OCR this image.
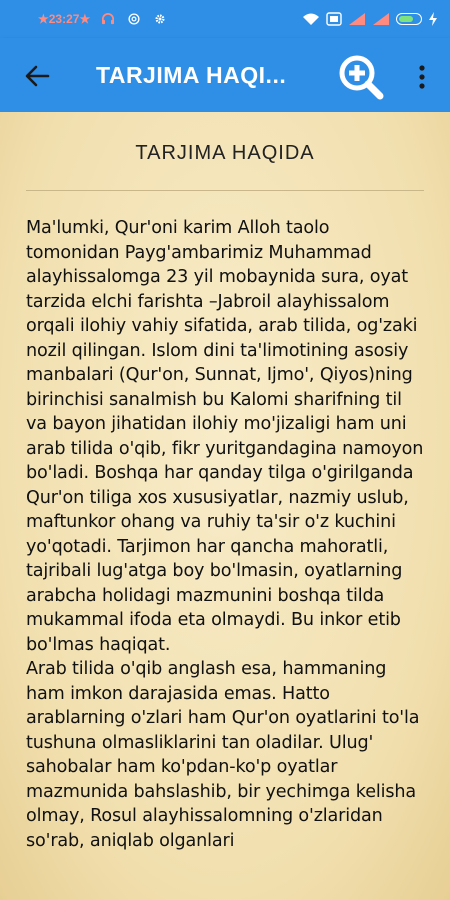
★23:27★
TARJIMA HAQI...
TARJIMA HAQIDA
Ma'lumki, Qur'oni karim Alloh taolo tomonidan Payg'ambarimiz Muhammad alayhissalomga 23 yil mobaynida sura, oyat tarzida elchi farishta –Jabroil alayhissalom orqali ilohiy vahiy sifatida, arab tilida, og'zaki nozil qilingan. Islom dini ta'limotining asosiy manbalari (Qur'on, Sunnat, Ijmo', Qiyos)ning birinchisi sanalmish bu Kalomi sharifning til va bayon jihatidan ilohiy mo'jizaligi ham uni arab tilida o'qib, fikr yuritgandagina namoyon bo'ladi. Boshqa har qanday tilga o'girilganda Qur'on tiliga xos xususiyatlar, nazmiy uslub, maftunkor ohang va ruhiy ta'sir o'z kuchini yo'qotadi. Tarjimon har qancha mahoratli, tajribali lug'atga boy bo'lmasin, oyatlarning arabcha holidagi mazmunini boshqa tilda mukammal ifoda eta olmaydi. Bu inkor etib bo'lmas haqiqat.
Arab tilida o'qib anglash esa, hammaning ham imkon darajasida emas. Hatto arablarning o'zlari ham Qur'on oyatlarini to'la tushuna olmasliklarini tan oladilar. Ulug' sahobalar ham ko'pdan-ko'p oyatlar mazmunida bahslashib, bir yechimga kelisha olmay, Rosul alayhissalomning o'zlaridan so'rab, aniqlab olganlari
